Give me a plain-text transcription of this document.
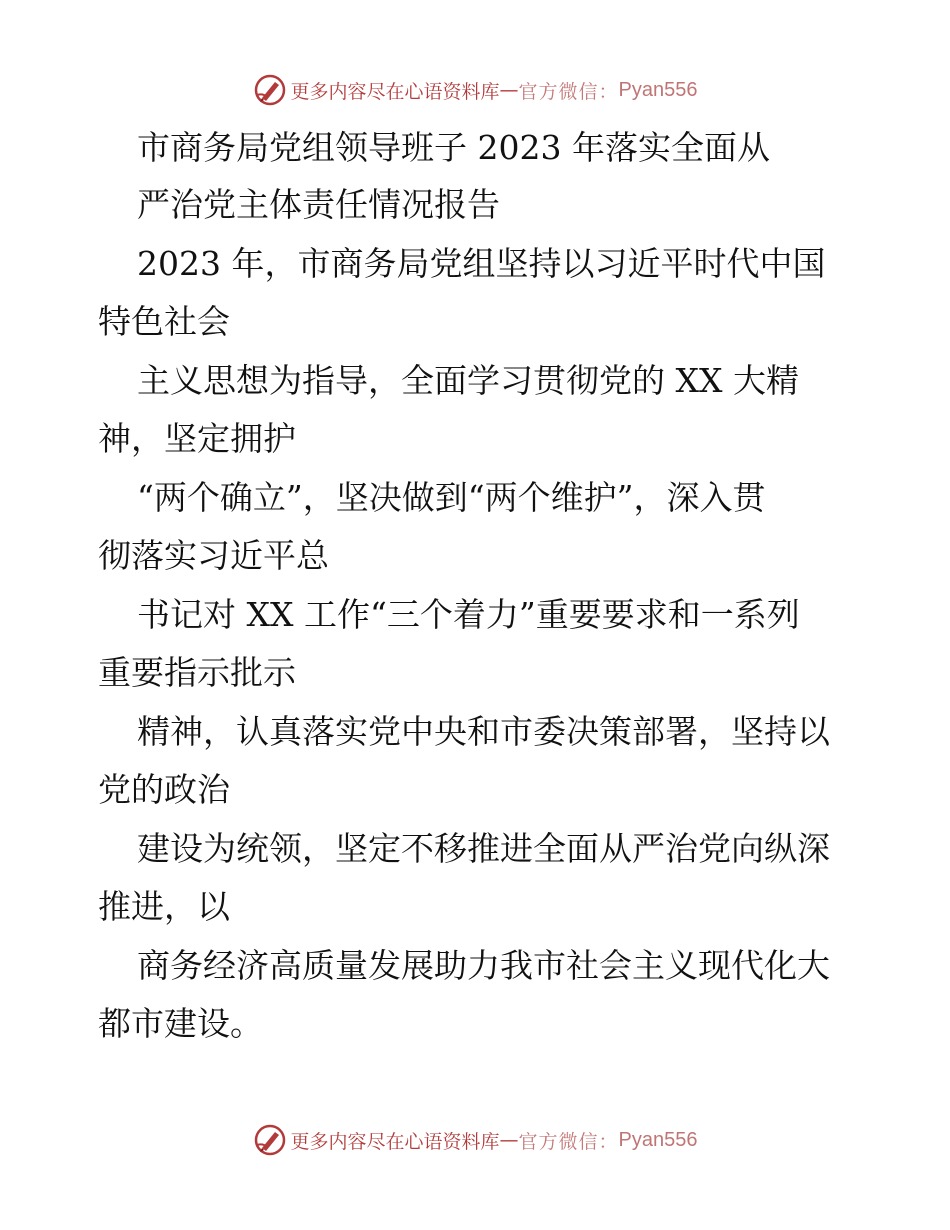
更多内容尽在心语资料库 — 官方微信： Pyan556
市商务局党组领导班子 2023 年落实全面从
严治党主体责任情况报告
2023 年，市商务局党组坚持以习近平时代中国
特色社会
主义思想为指导，全面学习贯彻党的 XX 大精
神，坚定拥护
“两个确立”，坚决做到“两个维护”，深入贯
彻落实习近平总
书记对 XX 工作“三个着力”重要要求和一系列
重要指示批示
精神，认真落实党中央和市委决策部署，坚持以
党的政治
建设为统领，坚定不移推进全面从严治党向纵深
推进，以
商务经济高质量发展助力我市社会主义现代化大
都市建设。
更多内容尽在心语资料库 — 官方微信： Pyan556
